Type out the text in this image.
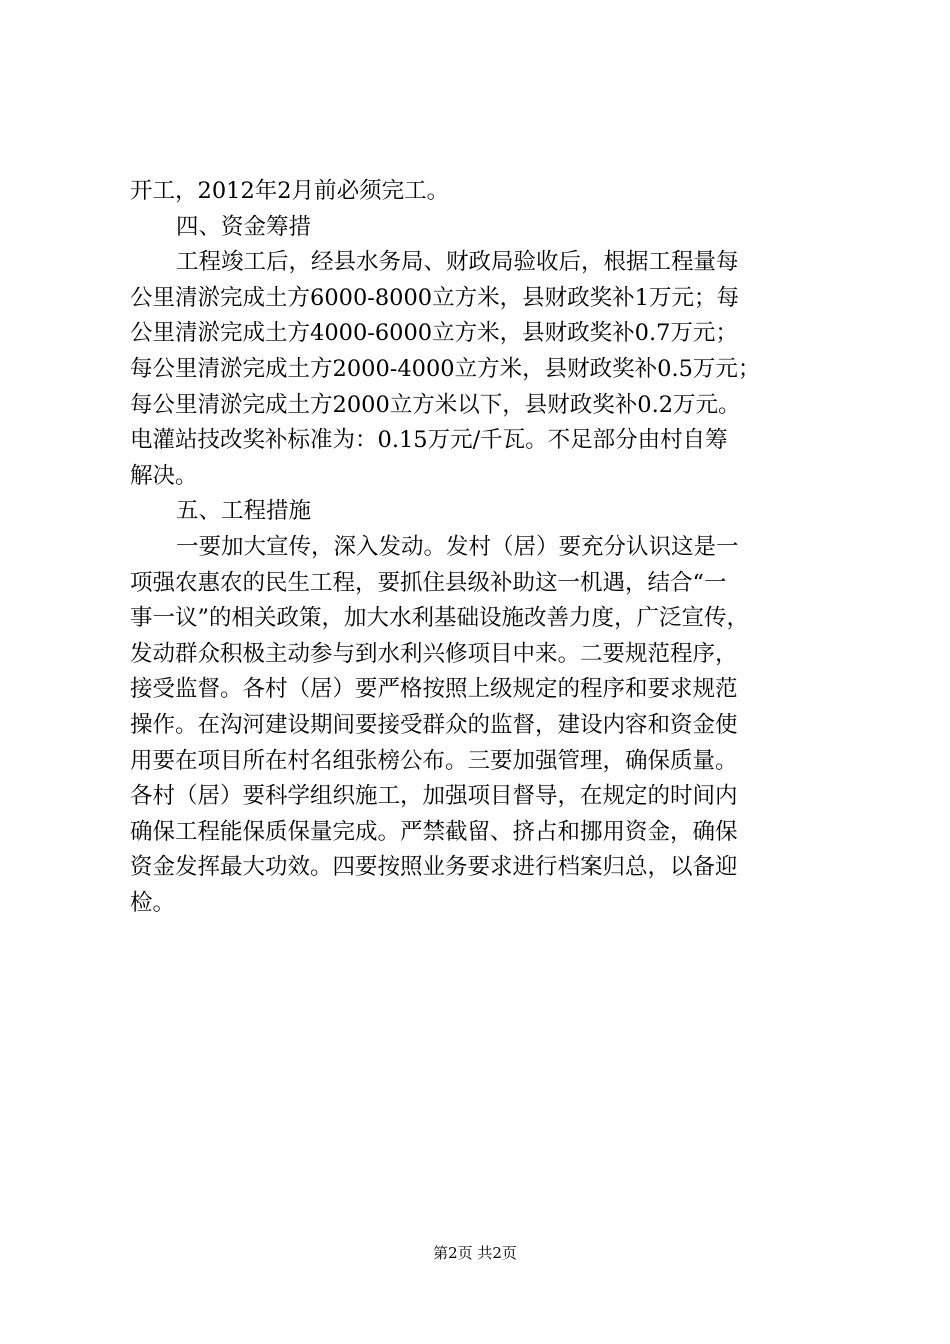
开工，2012年2月前必须完工。
四、资金筹措
工程竣工后，经县水务局、财政局验收后，根据工程量每
公里清淤完成土方6000-8000立方米，县财政奖补1万元；每
公里清淤完成土方4000-6000立方米，县财政奖补0.7万元；
每公里清淤完成土方2000-4000立方米，县财政奖补0.5万元；
每公里清淤完成土方2000立方米以下，县财政奖补0.2万元。
电灌站技改奖补标准为：0.15万元/千瓦。不足部分由村自筹
解决。
五、工程措施
一要加大宣传，深入发动。发村（居）要充分认识这是一
项强农惠农的民生工程，要抓住县级补助这一机遇，结合“一
事一议”的相关政策，加大水利基础设施改善力度，广泛宣传，
发动群众积极主动参与到水利兴修项目中来。二要规范程序，
接受监督。各村（居）要严格按照上级规定的程序和要求规范
操作。在沟河建设期间要接受群众的监督，建设内容和资金使
用要在项目所在村名组张榜公布。三要加强管理，确保质量。
各村（居）要科学组织施工，加强项目督导，在规定的时间内
确保工程能保质保量完成。严禁截留、挤占和挪用资金，确保
资金发挥最大功效。四要按照业务要求进行档案归总，以备迎
检。
第2页 共2页
